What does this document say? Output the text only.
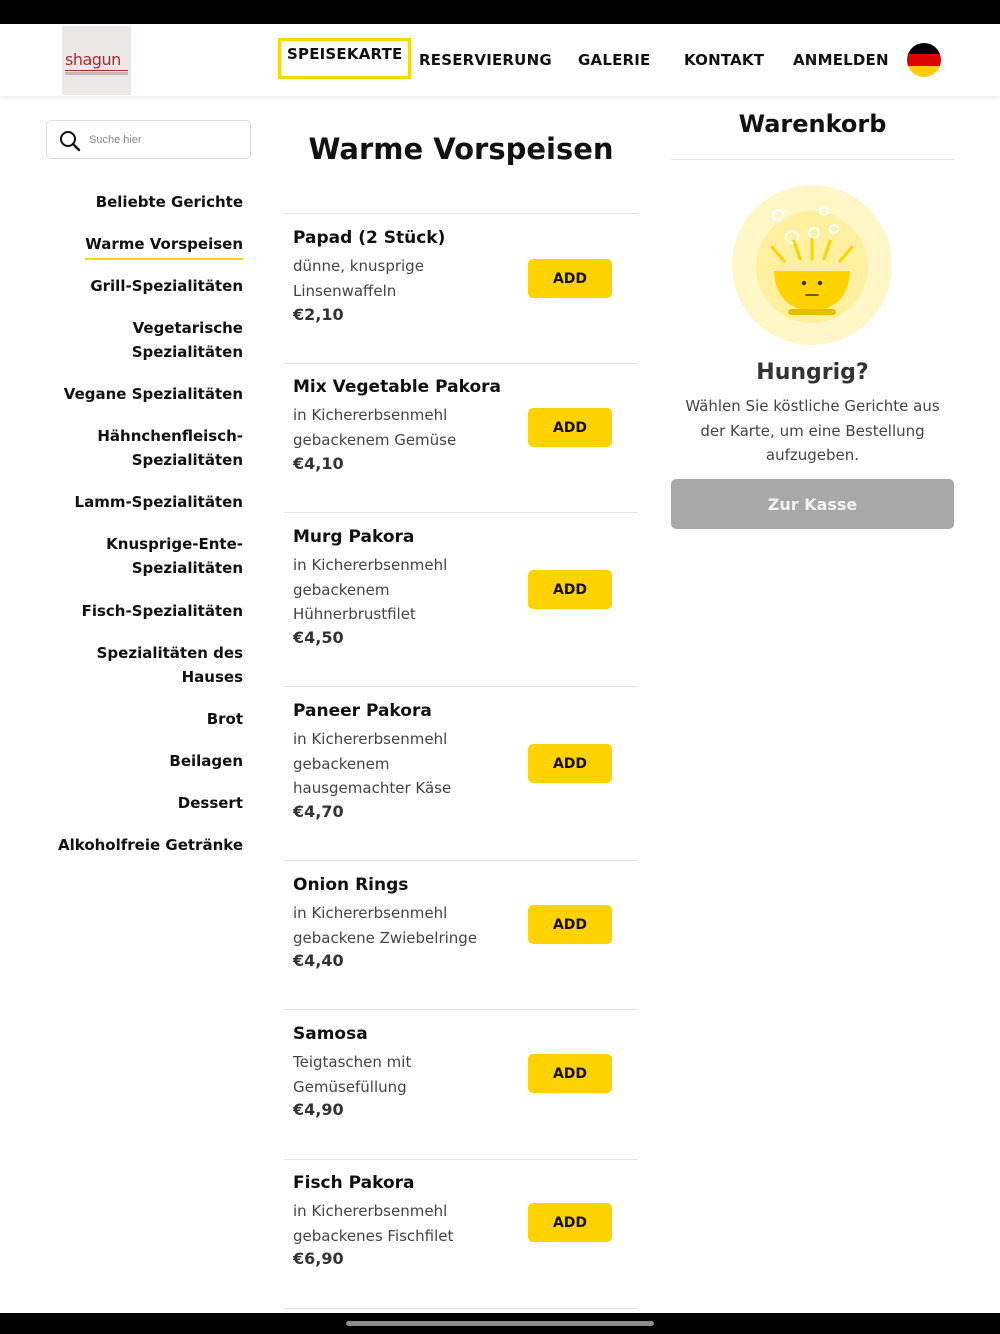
shagun	SPEISEKARTE	RESERVIERUNG GALERIE KONTAKT ANMELDEN
Suche hier
Beliebte Gerichte
Warme Vorspeisen
Grill-Spezialitäten
Vegetarische Spezialitäten
Vegane Spezialitäten
Hähnchenfleisch-Spezialitäten
Lamm-Spezialitäten
Knusprige-Ente-Spezialitäten
Fisch-Spezialitäten
Spezialitäten des Hauses
Brot
Beilagen
Dessert
Alkoholfreie Getränke
Warme Vorspeisen
Papad (2 Stück)
dünne, knusprige Linsenwaffeln
€2,10
ADD
Mix Vegetable Pakora
in Kichererbsenmehl gebackenem Gemüse
€4,10
ADD
Murg Pakora
in Kichererbsenmehl gebackenem Hühnerbrustfilet
€4,50
ADD
Paneer Pakora
in Kichererbsenmehl gebackenem hausgemachter Käse
€4,70
ADD
Onion Rings
in Kichererbsenmehl gebackene Zwiebelringe
€4,40
ADD
Samosa
Teigtaschen mit Gemüsefüllung
€4,90
ADD
Fisch Pakora
in Kichererbsenmehl gebackenes Fischfilet
€6,90
ADD
Warenkorb
Hungrig?

Wählen Sie köstliche Gerichte aus der Karte, um eine Bestellung aufzugeben.

Zur Kasse
